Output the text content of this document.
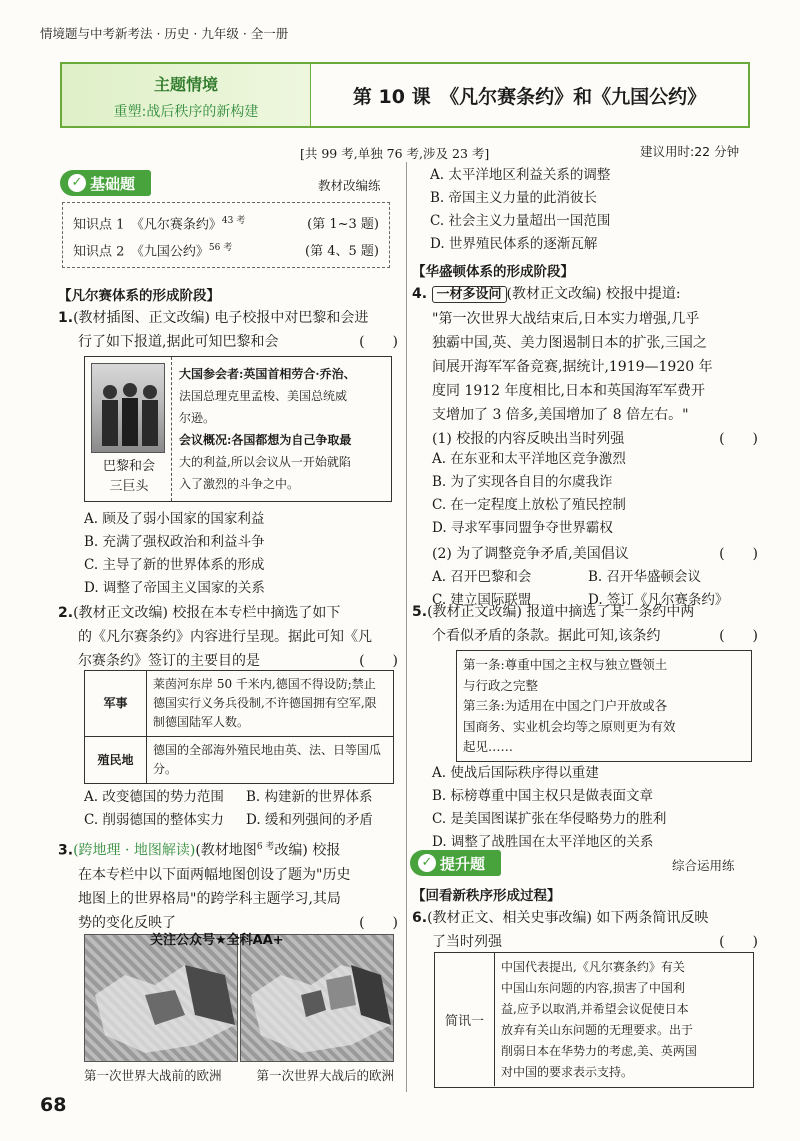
情境题与中考新考法 · 历史 · 九年级 · 全一册
主题情境
重塑:战后秩序的新构建
第 10 课　《凡尔赛条约》和《九国公约》
[共 99 考,单独 76 考,涉及 23 考]	建议用时:22 分钟
✓ 基础题	教材改编练
知识点 1　《凡尔赛条约》$^{43 考}$	(第 1~3 题)
知识点 2　《九国公约》$^{56 考}$	(第 4、5 题)
【凡尔赛体系的形成阶段】
1.(教材插图、正文改编) 电子校报中对巴黎和会进
行了如下报道,据此可知巴黎和会	(　　)
巴黎和会
三巨头
大国参会者:英国首相劳合·乔治、
法国总理克里孟梭、美国总统威
尔逊。
会议概况:各国都想为自己争取最
大的利益,所以会议从一开始就陷
入了激烈的斗争之中。
A. 顾及了弱小国家的国家利益
B. 充满了强权政治和利益斗争
C. 主导了新的世界体系的形成
D. 调整了帝国主义国家的关系
2.(教材正文改编) 校报在本专栏中摘选了如下
的《凡尔赛条约》内容进行呈现。据此可知《凡
尔赛条约》签订的主要目的是	(　　)
军事	莱茵河东岸 50 千米内,德国不得设防;禁止德国实行义务兵役制,不许德国拥有空军,限制德国陆军人数。
殖民地	德国的全部海外殖民地由英、法、日等国瓜分。
A. 改变德国的势力范围	B. 构建新的世界体系
C. 削弱德国的整体实力	D. 缓和列强间的矛盾
3.(跨地理 · 地图解读)(教材地图$^{6 考}$改编) 校报
在本专栏中以下面两幅地图创设了题为"历史
地图上的世界格局"的跨学科主题学习,其局
势的变化反映了	(　　)
关注公众号★全科AA+
第一次世界大战前的欧洲	第一次世界大战后的欧洲
68
A. 太平洋地区利益关系的调整
B. 帝国主义力量的此消彼长
C. 社会主义力量超出一国范围
D. 世界殖民体系的逐渐瓦解
【华盛顿体系的形成阶段】
4. 一材多设问 (教材正文改编) 校报中提道:
"第一次世界大战结束后,日本实力增强,几乎
独霸中国,英、美力图遏制日本的扩张,三国之
间展开海军军备竞赛,据统计,1919—1920 年
度同 1912 年度相比,日本和英国海军军费开
支增加了 3 倍多,美国增加了 8 倍左右。"
(1) 校报的内容反映出当时列强	(　　)
A. 在东亚和太平洋地区竞争激烈
B. 为了实现各自目的尔虞我诈
C. 在一定程度上放松了殖民控制
D. 寻求军事同盟争夺世界霸权
(2) 为了调整竞争矛盾,美国倡议	(　　)
A. 召开巴黎和会	B. 召开华盛顿会议
C. 建立国际联盟	D. 签订《凡尔赛条约》
5.(教材正文改编) 报道中摘选了某一条约中两
个看似矛盾的条款。据此可知,该条约	(　　)
第一条:尊重中国之主权与独立暨领土
与行政之完整
第三条:为适用在中国之门户开放或各
国商务、实业机会均等之原则更为有效
起见……
A. 使战后国际秩序得以重建
B. 标榜尊重中国主权只是做表面文章
C. 是美国图谋扩张在华侵略势力的胜利
D. 调整了战胜国在太平洋地区的关系
✓ 提升题	综合运用练
【回看新秩序形成过程】
6.(教材正文、相关史事改编) 如下两条简讯反映
了当时列强	(　　)
简讯一
中国代表提出,《凡尔赛条约》有关
中国山东问题的内容,损害了中国利
益,应予以取消,并希望会议促使日本
放弃有关山东问题的无理要求。出于
削弱日本在华势力的考虑,美、英两国
对中国的要求表示支持。
